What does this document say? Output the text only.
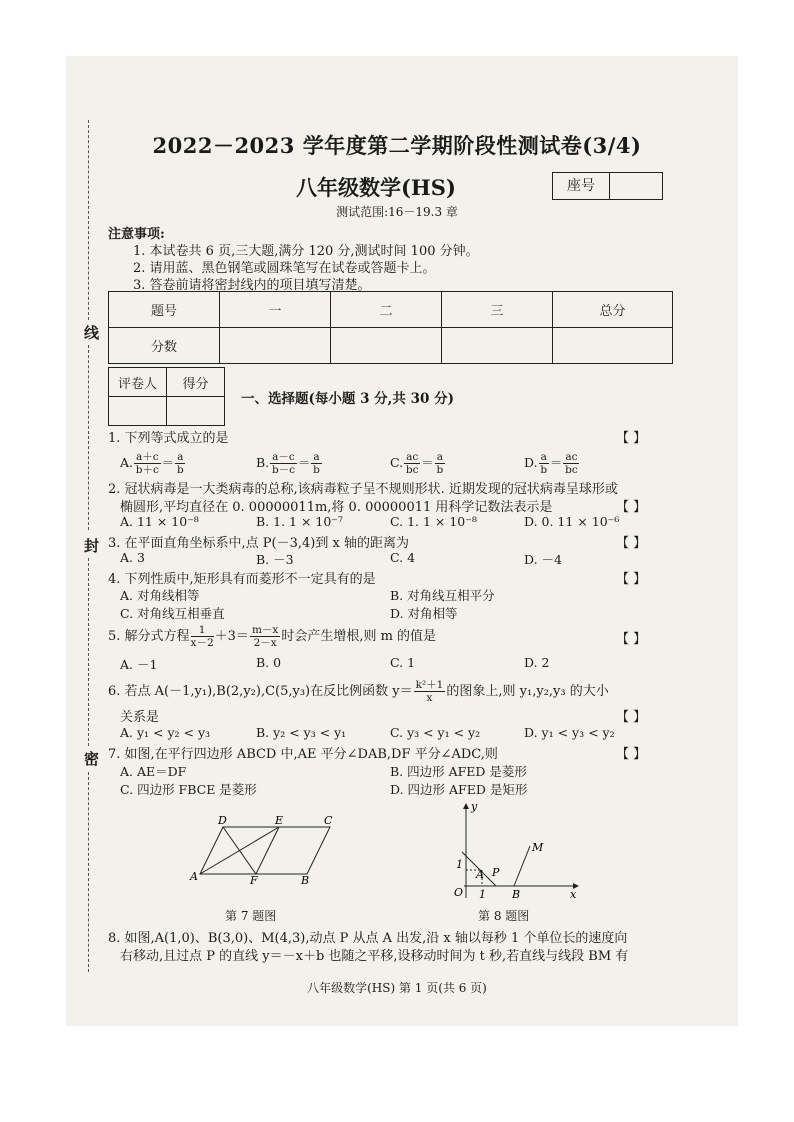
线
封
密
2022－2023 学年度第二学期阶段性测试卷(3/4)
八年级数学(HS)	座号
测试范围:16－19.3 章
注意事项:
1. 本试卷共 6 页,三大题,满分 120 分,测试时间 100 分钟。
2. 请用蓝、黑色钢笔或圆珠笔写在试卷或答题卡上。
3. 答卷前请将密封线内的项目填写清楚。
题号	一	二	三	总分
分数				
评卷人	得分

一、选择题(每小题 3 分,共 30 分)
1. 下列等式成立的是	【 】
A. $\frac{a+c}{b+c} = \frac{a}{b}$	B. $\frac{a-c}{b-c} = \frac{a}{b}$	C. $\frac{ac}{bc} = \frac{a}{b}$	D. $\frac{a}{b} = \frac{ac}{bc}$
2. 冠状病毒是一大类病毒的总称,该病毒粒子呈不规则形状. 近期发现的冠状病毒呈球形或
椭圆形,平均直径在 0. 00000011m,将 0. 00000011 用科学记数法表示是	【 】
A. 11 × 10⁻⁸	B. 1. 1 × 10⁻⁷	C. 1. 1 × 10⁻⁸	D. 0. 11 × 10⁻⁶
3. 在平面直角坐标系中,点 P(－3,4)到 x 轴的距离为	【 】
A. 3	B. －3	C. 4	D. －4
4. 下列性质中,矩形具有而菱形不一定具有的是	【 】
A. 对角线相等	B. 对角线互相平分
C. 对角线互相垂直	D. 对角相等
5. 解分式方程 $\frac{1}{x-2} +3= \frac{m-x}{2-x}$ 时会产生增根,则 m 的值是	【 】
A. －1	B. 0	C. 1	D. 2
6. 若点 A(－1,y₁),B(2,y₂),C(5,y₃)在反比例函数 $y= \frac{\text{k²＋1}}{x}$ 的图象上,则 y₁,y₂,y₃ 的大小
关系是	【 】
A. y₁ < y₂ < y₃	B. y₂ < y₃ < y₁	C. y₃ < y₁ < y₂	D. y₁ < y₃ < y₂
7. 如图,在平行四边形 ABCD 中,AE 平分∠DAB,DF 平分∠ADC,则	【 】
A. AE＝DF	B. 四边形 AFED 是菱形
C. 四边形 FBCE 是菱形	D. 四边形 AFED 是矩形
D	E	C
A	F	B
第 7 题图
y
M
1
A P
O 1 B	x
第 8 题图
8. 如图,A(1,0)、B(3,0)、M(4,3),动点 P 从点 A 出发,沿 x 轴以每秒 1 个单位长的速度向
右移动,且过点 P 的直线 y＝－x＋b 也随之平移,设移动时间为 t 秒,若直线与线段 BM 有
八年级数学(HS) 第 1 页(共 6 页)
